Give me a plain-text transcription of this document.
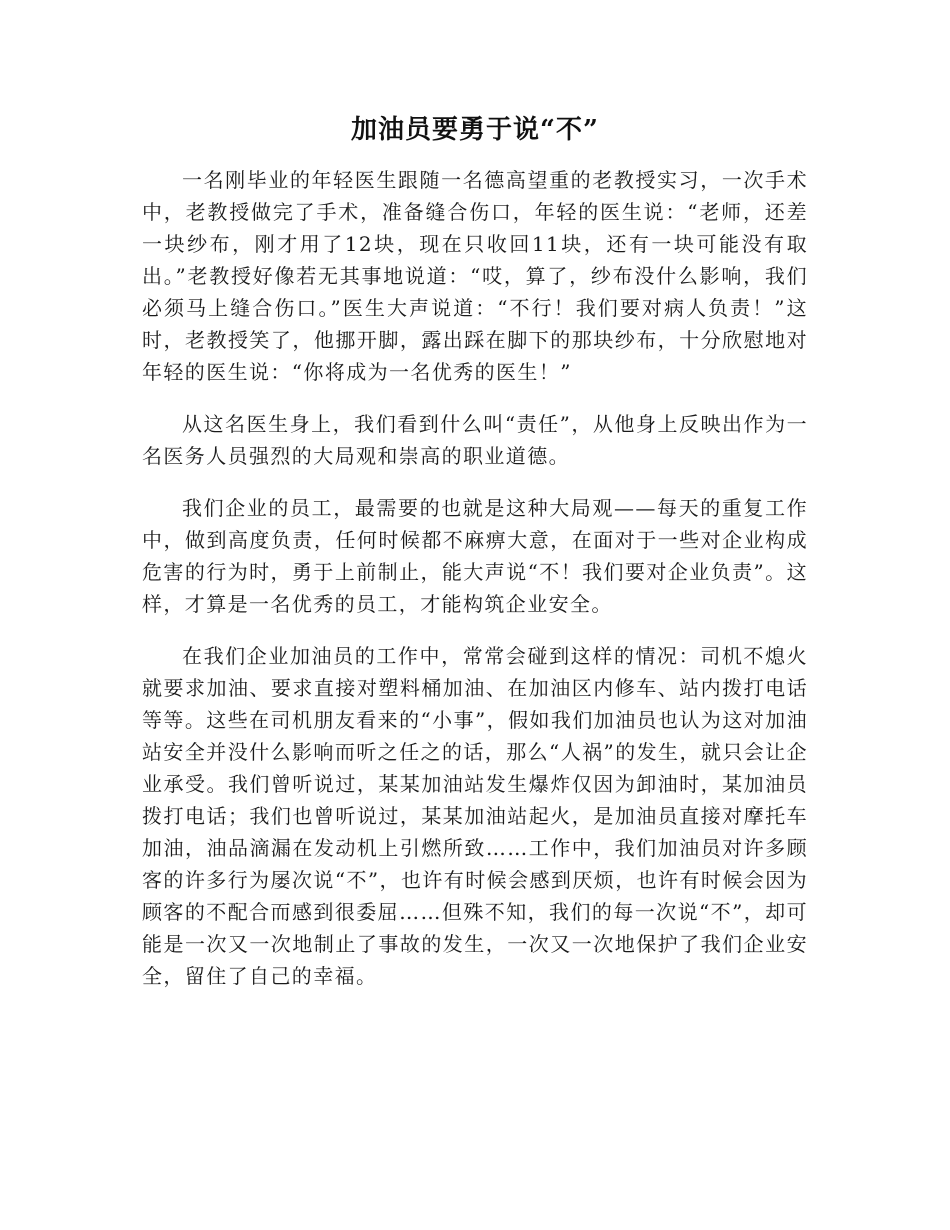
加油员要勇于说“不”

一名刚毕业的年轻医生跟随一名德高望重的老教授实习，一次手术中，老教授做完了手术，准备缝合伤口，年轻的医生说：“老师，还差一块纱布，刚才用了12块，现在只收回11块，还有一块可能没有取出。”老教授好像若无其事地说道：“哎，算了，纱布没什么影响，我们必须马上缝合伤口。”医生大声说道：“不行！我们要对病人负责！”这时，老教授笑了，他挪开脚，露出踩在脚下的那块纱布，十分欣慰地对年轻的医生说：“你将成为一名优秀的医生！”

从这名医生身上，我们看到什么叫“责任”，从他身上反映出作为一名医务人员强烈的大局观和崇高的职业道德。

我们企业的员工，最需要的也就是这种大局观——每天的重复工作中，做到高度负责，任何时候都不麻痹大意，在面对于一些对企业构成危害的行为时，勇于上前制止，能大声说“不！我们要对企业负责”。这样，才算是一名优秀的员工，才能构筑企业安全。

在我们企业加油员的工作中，常常会碰到这样的情况：司机不熄火就要求加油、要求直接对塑料桶加油、在加油区内修车、站内拨打电话等等。这些在司机朋友看来的“小事”，假如我们加油员也认为这对加油站安全并没什么影响而听之任之的话，那么“人祸”的发生，就只会让企业承受。我们曾听说过，某某加油站发生爆炸仅因为卸油时，某加油员拨打电话；我们也曾听说过，某某加油站起火，是加油员直接对摩托车加油，油品滴漏在发动机上引燃所致……工作中，我们加油员对许多顾客的许多行为屡次说“不”，也许有时候会感到厌烦，也许有时候会因为顾客的不配合而感到很委屈……但殊不知，我们的每一次说“不”，却可能是一次又一次地制止了事故的发生，一次又一次地保护了我们企业安全，留住了自己的幸福。
